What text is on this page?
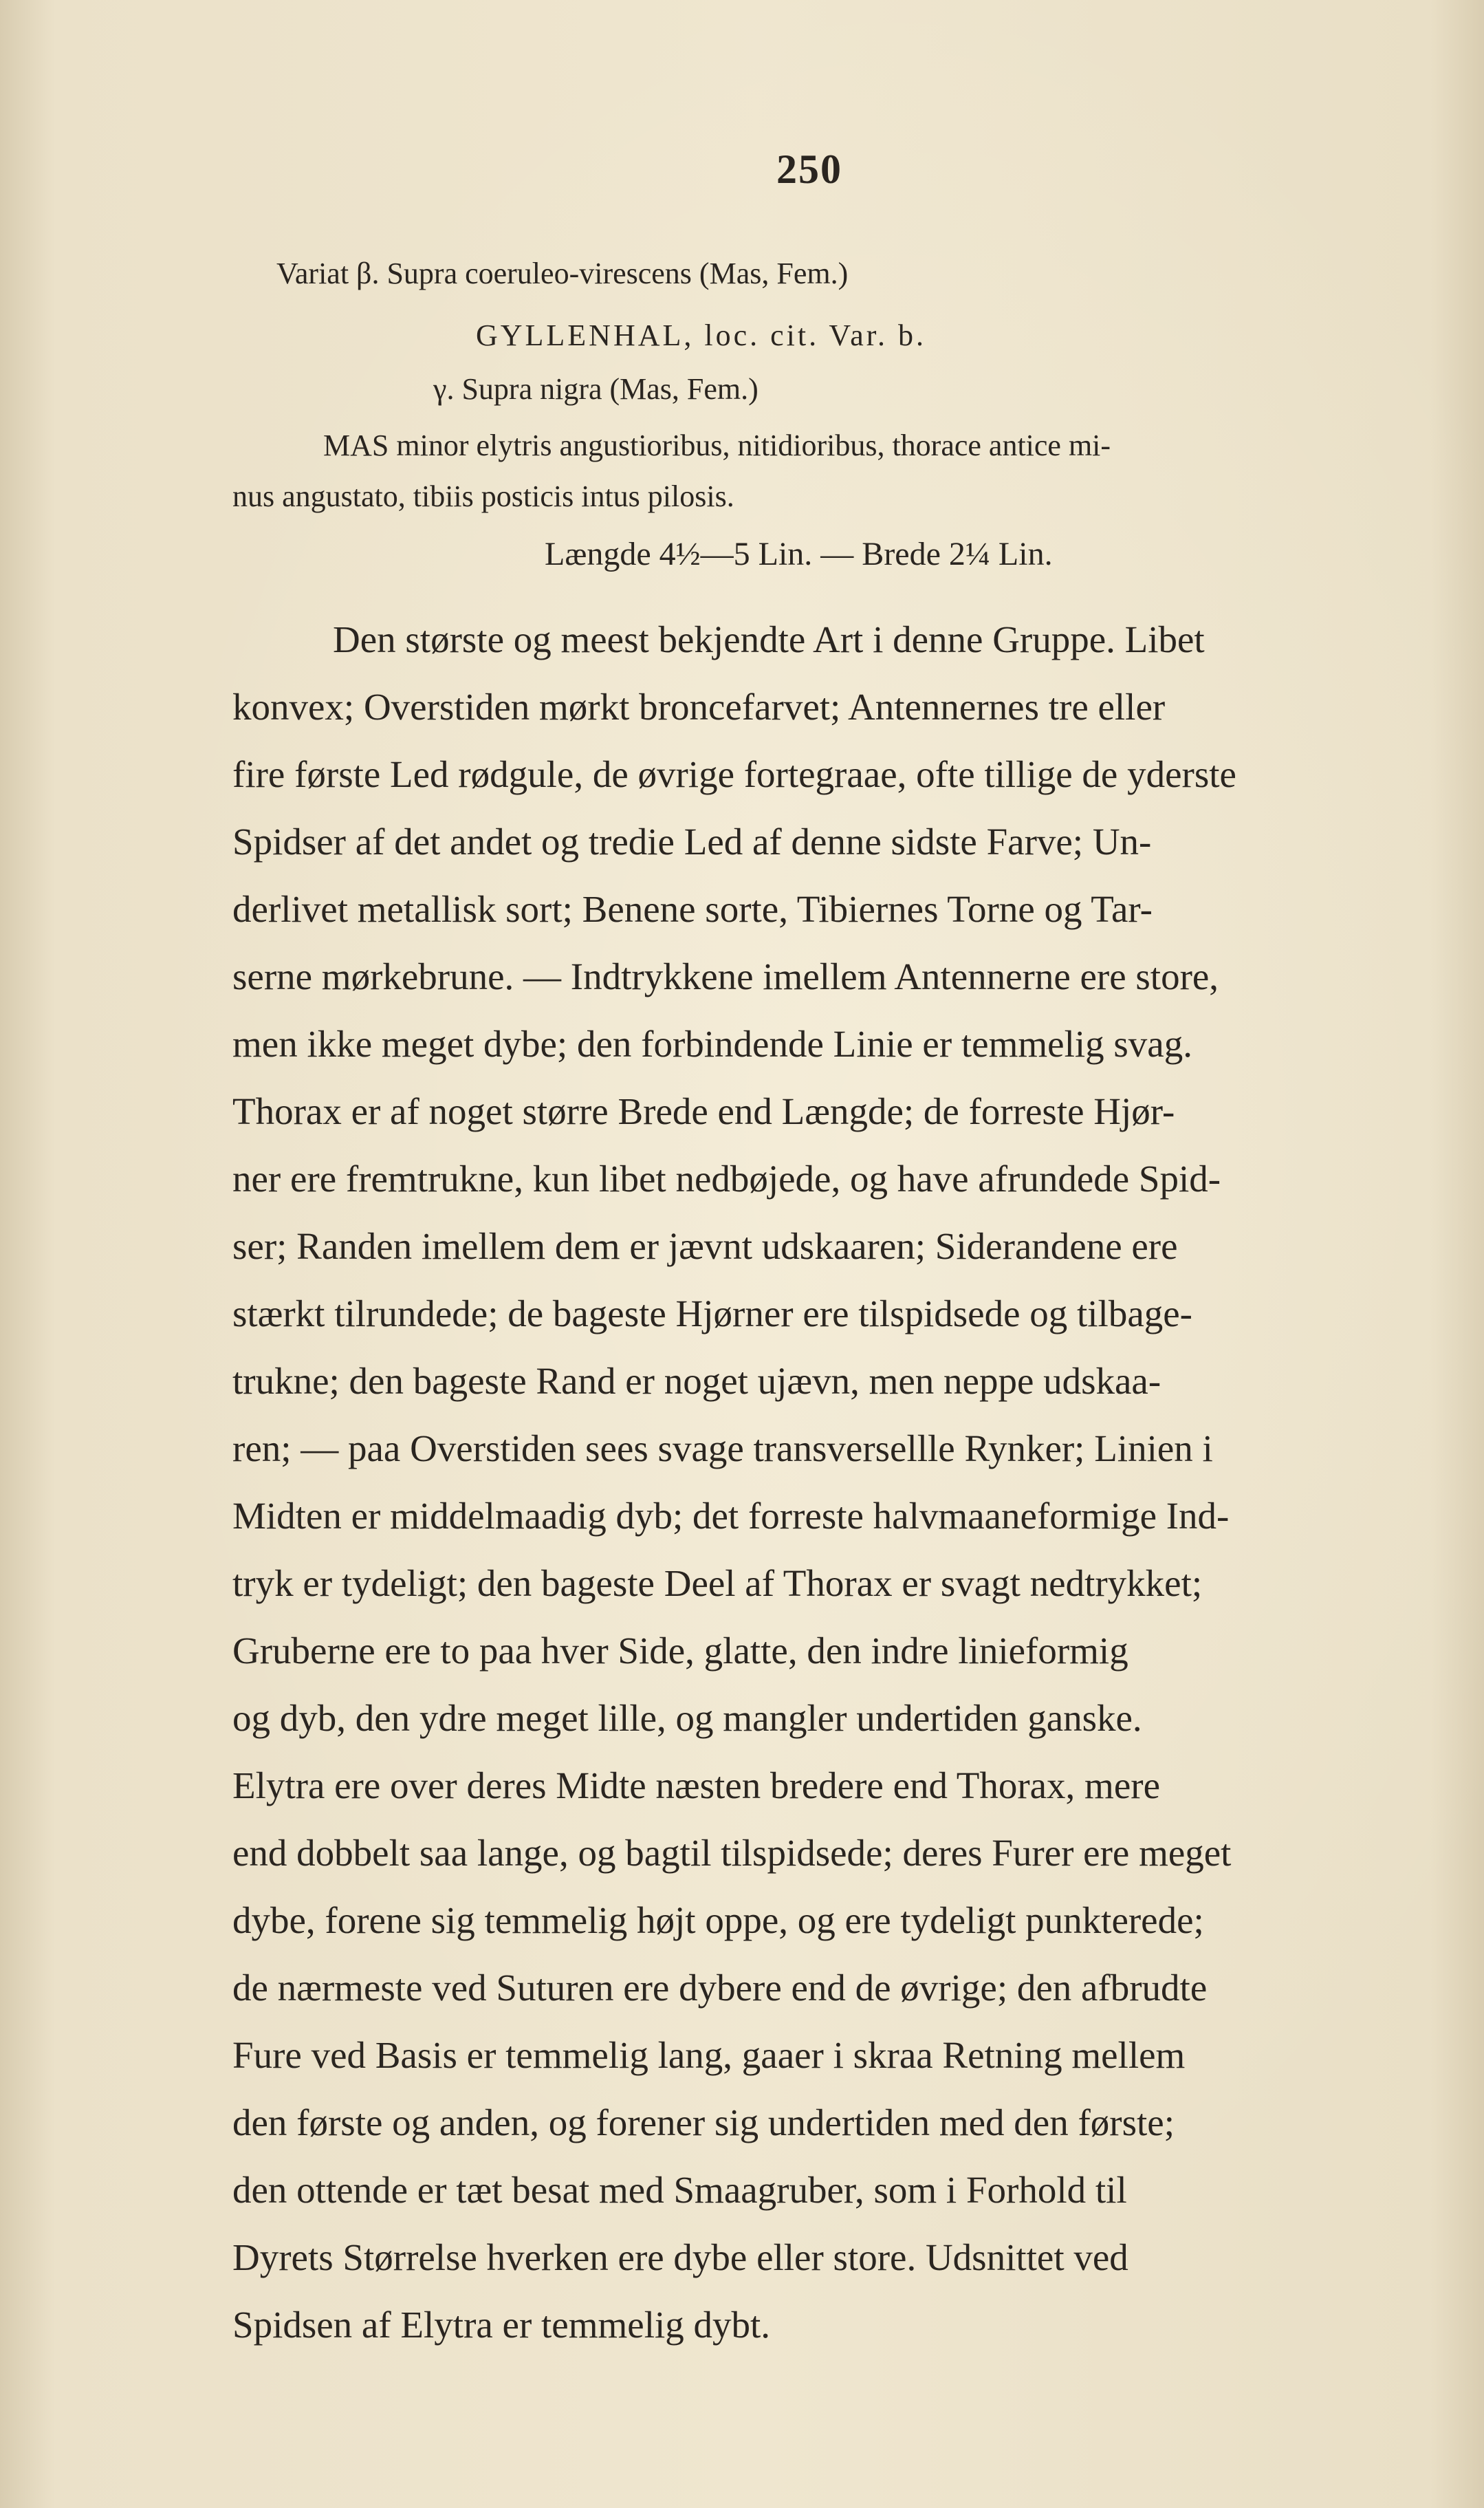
250

Variat β. Supra coeruleo-virescens (Mas, Fem.)

GYLLENHAL, loc. cit. Var. b.

γ. Supra nigra (Mas, Fem.)

MAS minor elytris angustioribus, nitidioribus, thorace antice mi-

nus angustato, tibiis posticis intus pilosis.

Længde 4½—5 Lin. — Brede 2¼ Lin.

Den største og meest bekjendte Art i denne Gruppe. Libet

konvex; Overstiden mørkt broncefarvet; Antennernes tre eller

fire første Led rødgule, de øvrige fortegraae, ofte tillige de yderste

Spidser af det andet og tredie Led af denne sidste Farve; Un-

derlivet metallisk sort; Benene sorte, Tibiernes Torne og Tar-

serne mørkebrune. — Indtrykkene imellem Antennerne ere store,

men ikke meget dybe; den forbindende Linie er temmelig svag.

Thorax er af noget større Brede end Længde; de forreste Hjør-

ner ere fremtrukne, kun libet nedbøjede, og have afrundede Spid-

ser; Randen imellem dem er jævnt udskaaren; Siderandene ere

stærkt tilrundede; de bageste Hjørner ere tilspidsede og tilbage-

trukne; den bageste Rand er noget ujævn, men neppe udskaa-

ren; — paa Overstiden sees svage transversellle Rynker; Linien i

Midten er middelmaadig dyb; det forreste halvmaaneformige Ind-

tryk er tydeligt; den bageste Deel af Thorax er svagt nedtrykket;

Gruberne ere to paa hver Side, glatte, den indre linieformig

og dyb, den ydre meget lille, og mangler undertiden ganske.

Elytra ere over deres Midte næsten bredere end Thorax, mere

end dobbelt saa lange, og bagtil tilspidsede; deres Furer ere meget

dybe, forene sig temmelig højt oppe, og ere tydeligt punkterede;

de nærmeste ved Suturen ere dybere end de øvrige; den afbrudte

Fure ved Basis er temmelig lang, gaaer i skraa Retning mellem

den første og anden, og forener sig undertiden med den første;

den ottende er tæt besat med Smaagruber, som i Forhold til

Dyrets Størrelse hverken ere dybe eller store. Udsnittet ved

Spidsen af Elytra er temmelig dybt.
